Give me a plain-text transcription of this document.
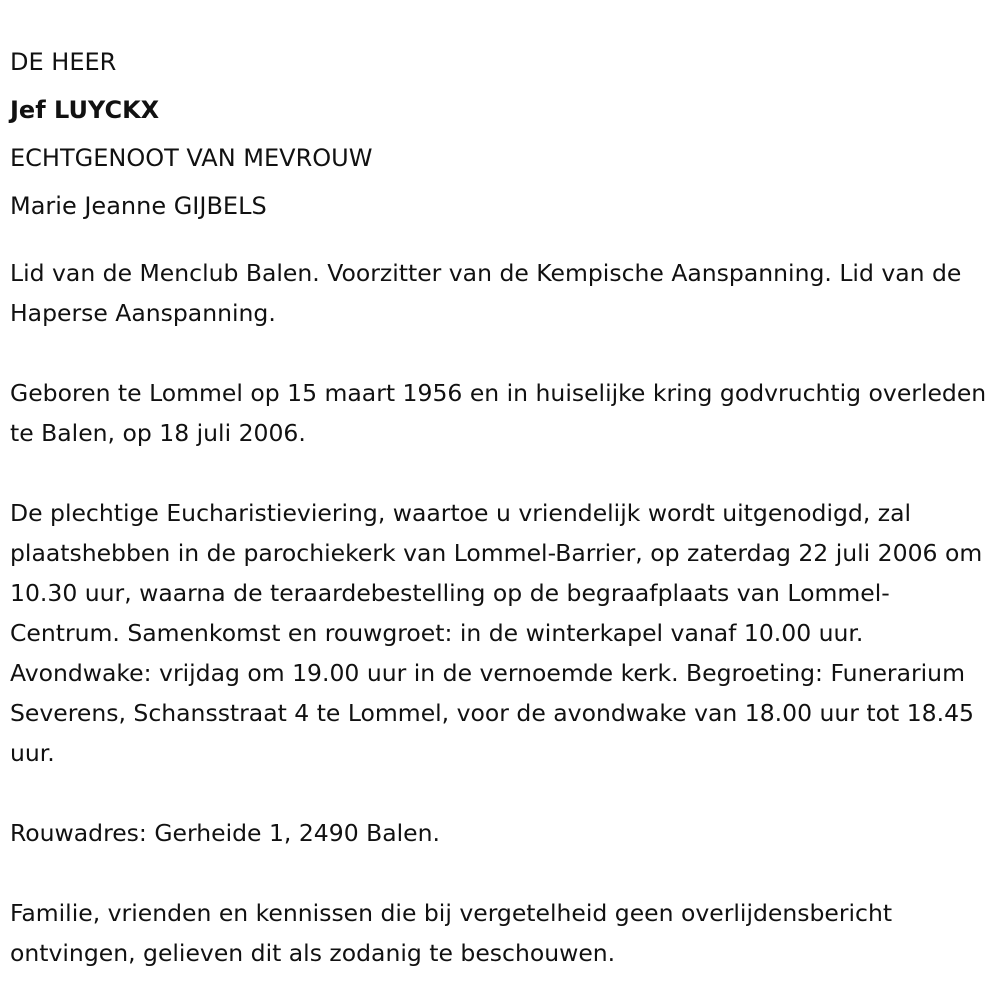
DE HEER

Jef LUYCKX

ECHTGENOOT VAN MEVROUW

Marie Jeanne GIJBELS

Lid van de Menclub Balen. Voorzitter van de Kempische Aanspanning. Lid van de Haperse Aanspanning.

Geboren te Lommel op 15 maart 1956 en in huiselijke kring godvruchtig overleden te Balen, op 18 juli 2006.

De plechtige Eucharistieviering, waartoe u vriendelijk wordt uitgenodigd, zal plaatshebben in de parochiekerk van Lommel-Barrier, op zaterdag 22 juli 2006 om 10.30 uur, waarna de teraardebestelling op de begraafplaats van Lommel-Centrum. Samenkomst en rouwgroet: in de winterkapel vanaf 10.00 uur. Avondwake: vrijdag om 19.00 uur in de vernoemde kerk. Begroeting: Funerarium Severens, Schansstraat 4 te Lommel, voor de avondwake van 18.00 uur tot 18.45 uur.

Rouwadres: Gerheide 1, 2490 Balen.

Familie, vrienden en kennissen die bij vergetelheid geen overlijdensbericht ontvingen, gelieven dit als zodanig te beschouwen.
